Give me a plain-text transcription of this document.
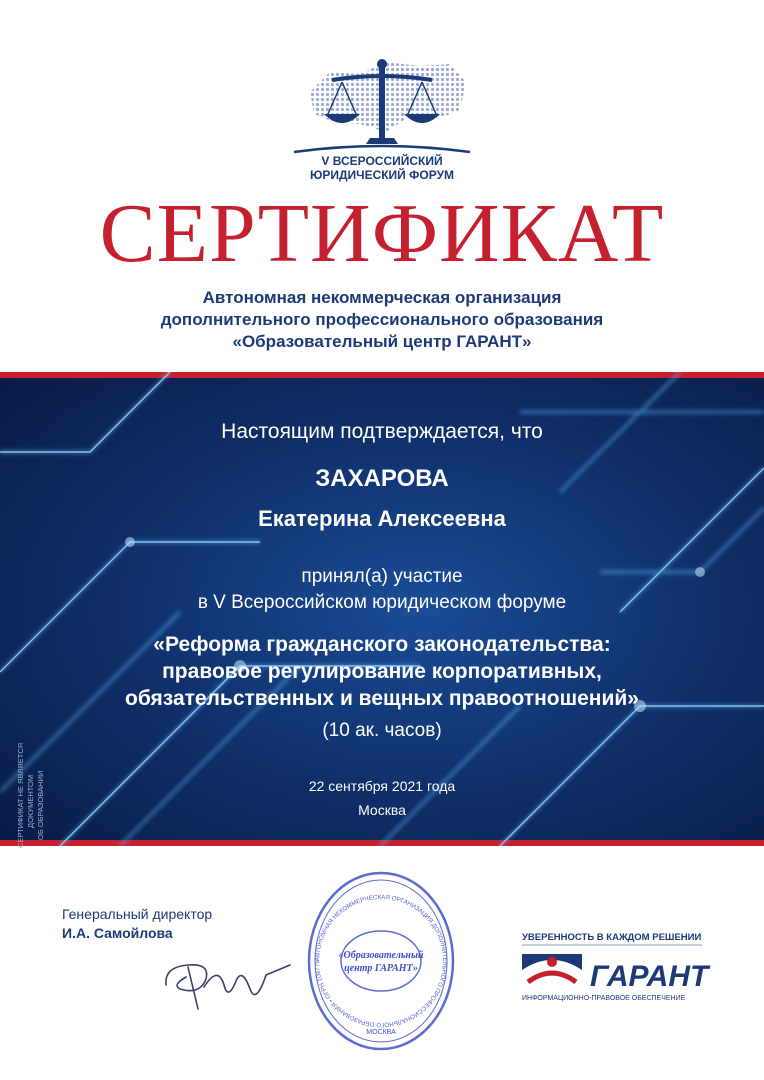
V ВСЕРОССИЙСКИЙ
ЮРИДИЧЕСКИЙ ФОРУМ
СЕРТИФИКАТ
Автономная некоммерческая организация
дополнительного профессионального образования
«Образовательный центр ГАРАНТ»
Настоящим подтверждается, что
ЗАХАРОВА
Екатерина Алексеевна
принял(а) участие
в V Всероссийском юридическом форуме
«Реформа гражданского законодательства:
правовое регулирование корпоративных,
обязательственных и вещных правоотношений»
(10 ак. часов)
22 сентября 2021 года
Москва
СЕРТИФИКАТ НЕ ЯВЛЯЕТСЯ ДОКУМЕНТОМ ОБ ОБРАЗОВАНИИ
Генеральный директор
И.А. Самойлова
АВТОНОМНАЯ НЕКОММЕРЧЕСКАЯ ОРГАНИЗАЦИЯ ДОПОЛНИТЕЛЬНОГО ПРОФЕССИОНАЛЬНОГО ОБРАЗОВАНИЯ • ОГРН 109779
«Образовательный
центр ГАРАНТ»
МОСКВА
УВЕРЕННОСТЬ В КАЖДОМ РЕШЕНИИ
ГАРАНТ
ИНФОРМАЦИОННО-ПРАВОВОЕ ОБЕСПЕЧЕНИЕ
